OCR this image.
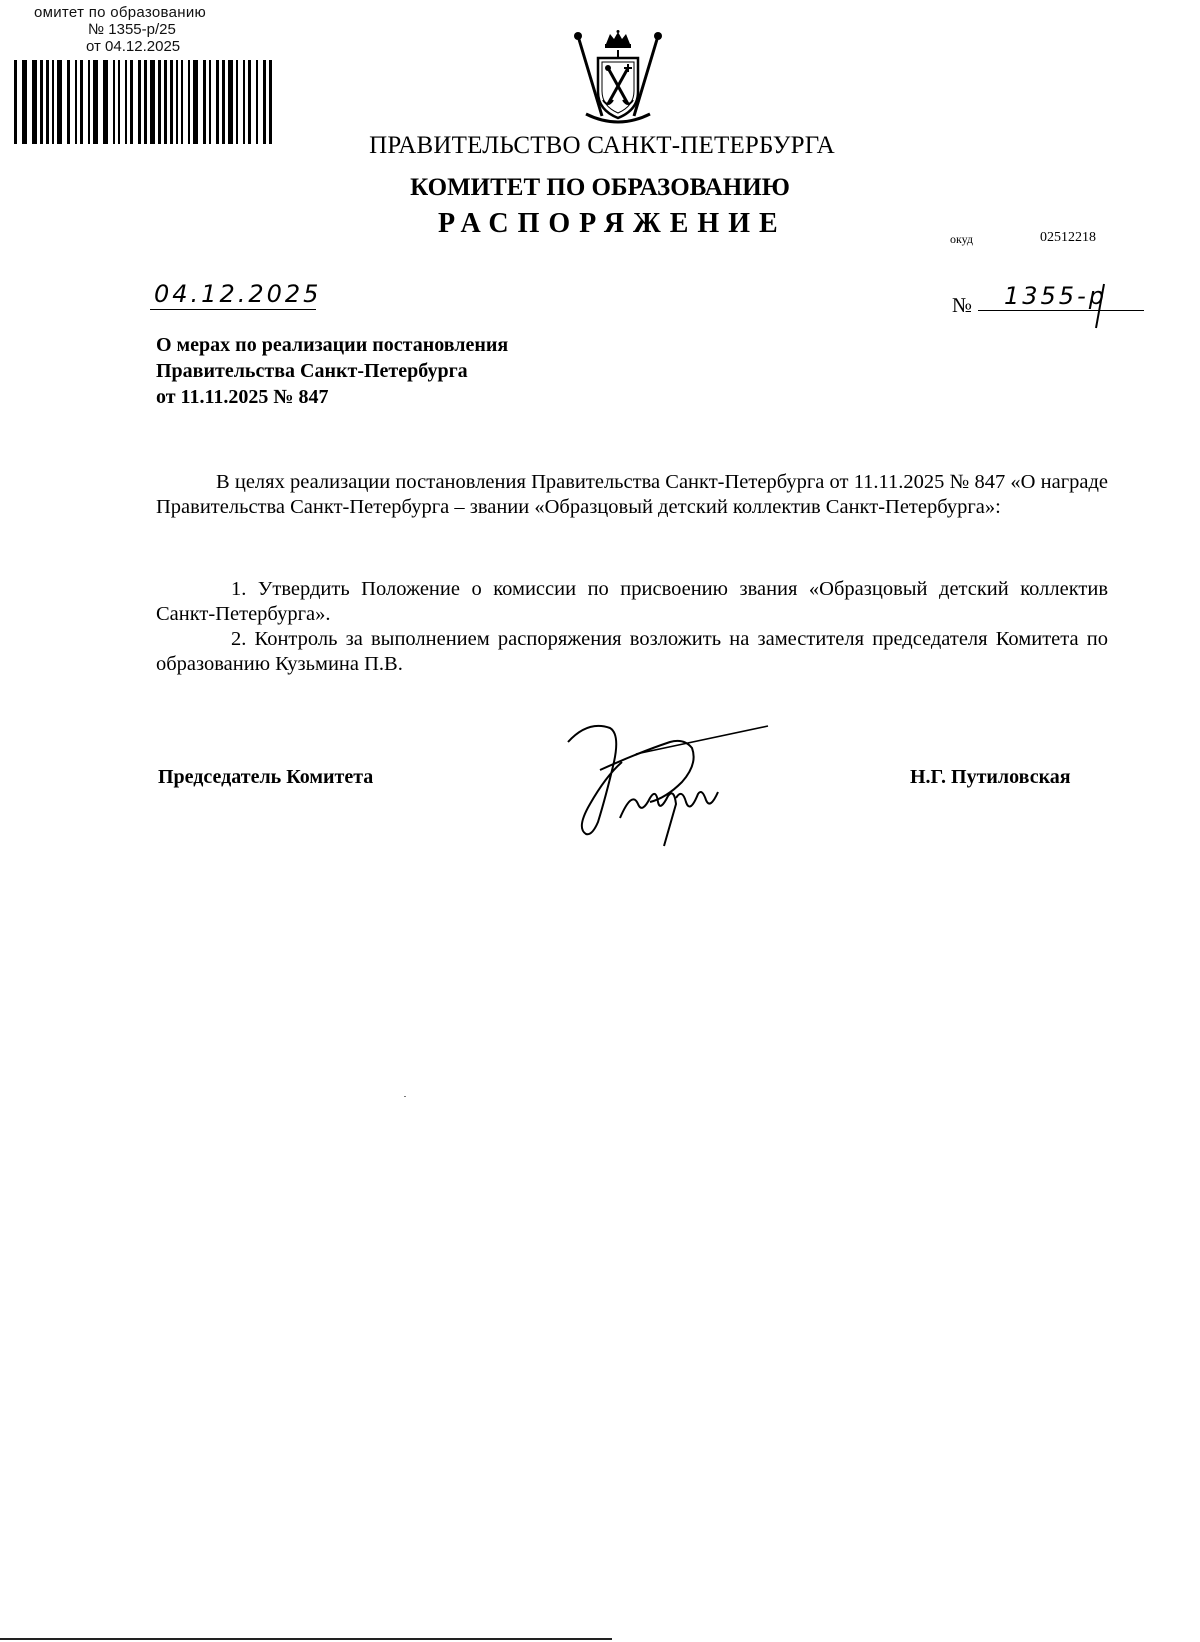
омитет по образованию
№ 1355-р/25
от 04.12.2025
ПРАВИТЕЛЬСТВО САНКТ-ПЕТЕРБУРГА
КОМИТЕТ ПО ОБРАЗОВАНИЮ
РАСПОРЯЖЕНИЕ	окуд	02512218
04.12.2025	№ 1355-р
О мерах по реализации постановления
Правительства Санкт-Петербурга
от 11.11.2025 № 847
В целях реализации постановления Правительства Санкт-Петербурга от 11.11.2025 № 847 «О награде Правительства Санкт-Петербурга – звании «Образцовый детский коллектив Санкт-Петербурга»:

1. Утвердить Положение о комиссии по присвоению звания «Образцовый детский коллектив Санкт-Петербурга».

2. Контроль за выполнением распоряжения возложить на заместителя председателя Комитета по образованию Кузьмина П.В.

Председатель Комитета	Н.Г. Путиловская
